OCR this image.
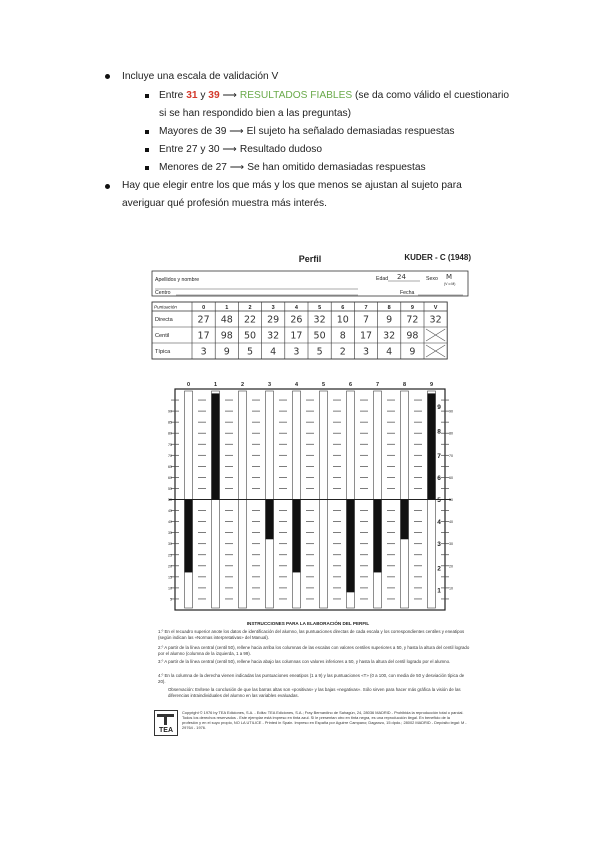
Incluye una escala de validación V
Entre 31 y 39 ⟶ RESULTADOS FIABLES (se da como válido el cuestionario
si se han respondido bien a las preguntas)
Mayores de 39 ⟶ El sujeto ha señalado demasiadas respuestas
Entre 27 y 30 ⟶ Resultado dudoso
Menores de 27 ⟶ Se han omitido demasiadas respuestas
Hay que elegir entre los que más y los que menos se ajustan al sujeto para
averiguar qué profesión muestra más interés.
Perfil	KUDER - C (1948)
Apellidos y nombre	Edad 24	Sexo M
(V o M)
Centro	Fecha
Puntuación	0	1	2	3	4	5	6	7	8	9	V
Directa	27 48 22 29 26 32 10 7 9 72 32
Centil	17 98 50 32 17 50 8 17 32 98
Típica	3 9 5 4 3 5 2 3 4 9
0	1	2	3	4	5	6	7	8	9
90
85
80
75
70
65
60
55
50
45
40
35
30
25
20
15
10
5
90
80
70
60
50
40
30
20
10
9
8
7
6
5
4
3
2
1
INSTRUCCIONES PARA LA ELABORACIÓN DEL PERFIL
1.º En el recuadro superior anote los datos de identificación del alumno, las puntuaciones directas de cada escala y los correspondientes centiles y eneatipos (según indican las «Normas interpretativas» del Manual).
2.º A partir de la línea central (centil 50), rellene hacia arriba los columnas de las escalas con valores centiles superiores a 50, y hasta la altura del centil logrado por el alumno (columna de la izquierda, 1 a 99).
3.º A partir de la línea central (centil 50), rellene hacia abajo las columnas con valores inferiores a 50, y hasta la altura del centil logrado por el alumno.
4.º En la columna de la derecha vienen indicadas las puntuaciones eneatipos (1 a 9) y las puntuaciones «T» (0 a 100, con media de 50 y desviación típica de 20).
Observación: Evítese la conclusión de que las barras altas son «positivas» y las bajas «negativas». Sólo sirven para hacer más gráfica la visión de las diferencias intraindividuales del alumno en las variables evaluadas.
TEA
Copyright © 1976 by TEA Ediciones, S.A. - Edita: TEA Ediciones, S.A.; Fray Bernardino de Sahagún, 24, 28036 MADRID - Prohibida la reproducción total o parcial. Todos los derechos reservados - Este ejemplar está impreso en tinta azul. Si le presentan otro en tinta negra, es una reproducción ilegal. En beneficio de la profesión y en el suyo propio, NO LA UTILICE - Printed in Spain. Impreso en España por Aguirre Campano; Daganzo, 15 dpdo.; 28002 MADRID - Depósito legal: M - 29764 - 1976.
